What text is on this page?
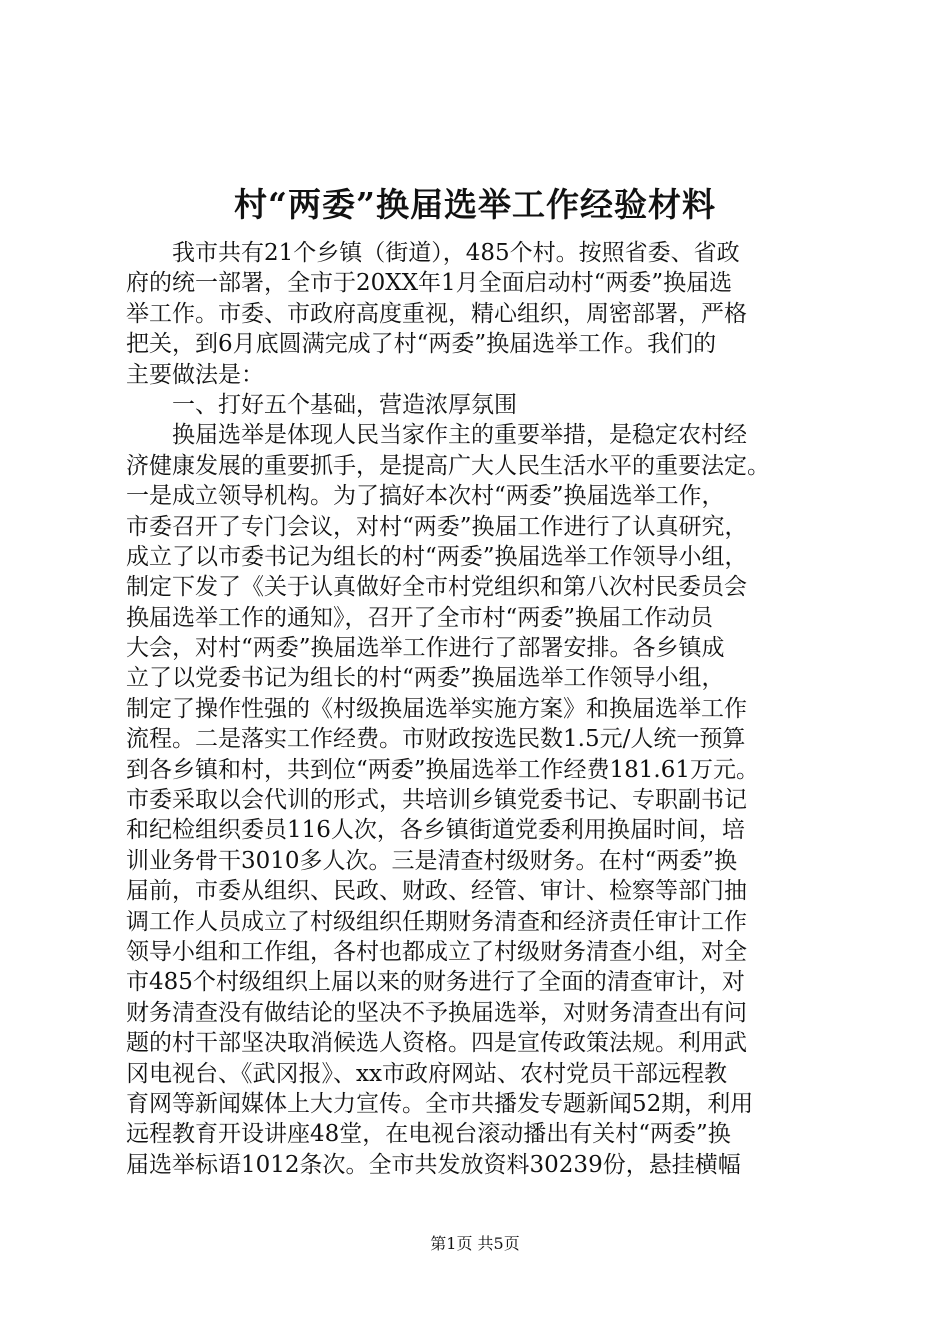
村“两委”换届选举工作经验材料
　　我市共有21个乡镇（街道），485个村。按照省委、省政
府的统一部署，全市于20XX年1月全面启动村“两委”换届选
举工作。市委、市政府高度重视，精心组织，周密部署，严格
把关，到6月底圆满完成了村“两委”换届选举工作。我们的
主要做法是：
　　一、打好五个基础，营造浓厚氛围
　　换届选举是体现人民当家作主的重要举措，是稳定农村经
济健康发展的重要抓手，是提高广大人民生活水平的重要法定。
一是成立领导机构。为了搞好本次村“两委”换届选举工作，
市委召开了专门会议，对村“两委”换届工作进行了认真研究，
成立了以市委书记为组长的村“两委”换届选举工作领导小组，
制定下发了《关于认真做好全市村党组织和第八次村民委员会
换届选举工作的通知》，召开了全市村“两委”换届工作动员
大会，对村“两委”换届选举工作进行了部署安排。各乡镇成
立了以党委书记为组长的村“两委”换届选举工作领导小组，
制定了操作性强的《村级换届选举实施方案》和换届选举工作
流程。二是落实工作经费。市财政按选民数1.5元/人统一预算
到各乡镇和村，共到位“两委”换届选举工作经费181.61万元。
市委采取以会代训的形式，共培训乡镇党委书记、专职副书记
和纪检组织委员116人次，各乡镇街道党委利用换届时间，培
训业务骨干3010多人次。三是清查村级财务。在村“两委”换
届前，市委从组织、民政、财政、经管、审计、检察等部门抽
调工作人员成立了村级组织任期财务清查和经济责任审计工作
领导小组和工作组，各村也都成立了村级财务清查小组，对全
市485个村级组织上届以来的财务进行了全面的清查审计，对
财务清查没有做结论的坚决不予换届选举，对财务清查出有问
题的村干部坚决取消候选人资格。四是宣传政策法规。利用武
冈电视台、《武冈报》、xx市政府网站、农村党员干部远程教
育网等新闻媒体上大力宣传。全市共播发专题新闻52期，利用
远程教育开设讲座48堂，在电视台滚动播出有关村“两委”换
届选举标语1012条次。全市共发放资料30239份，悬挂横幅
第1页 共5页
